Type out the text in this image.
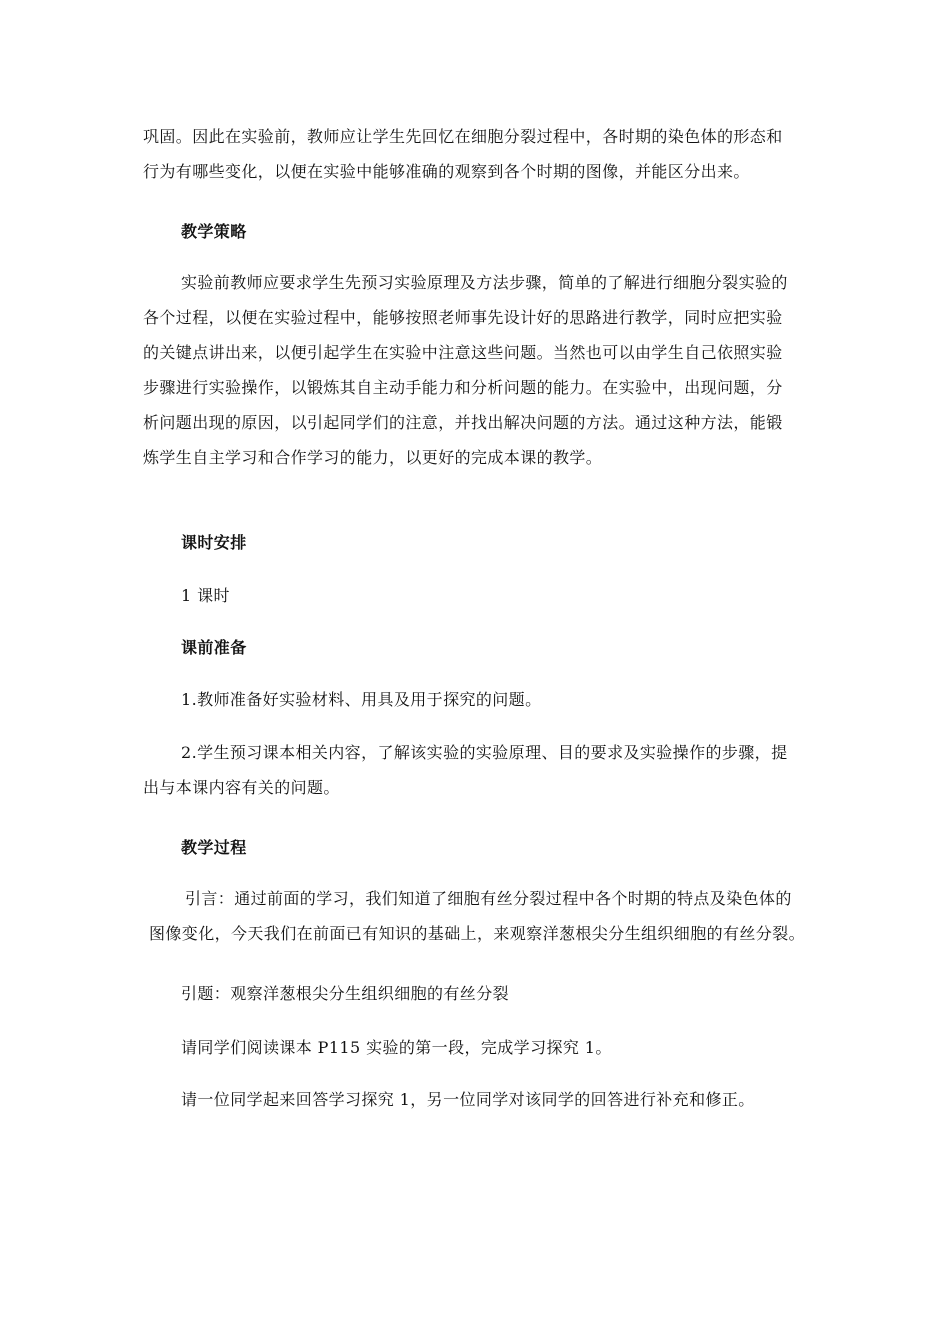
巩固。因此在实验前，教师应让学生先回忆在细胞分裂过程中，各时期的染色体的形态和
行为有哪些变化，以便在实验中能够准确的观察到各个时期的图像，并能区分出来。
教学策略
实验前教师应要求学生先预习实验原理及方法步骤，简单的了解进行细胞分裂实验的
各个过程，以便在实验过程中，能够按照老师事先设计好的思路进行教学，同时应把实验
的关键点讲出来，以便引起学生在实验中注意这些问题。当然也可以由学生自己依照实验
步骤进行实验操作，以锻炼其自主动手能力和分析问题的能力。在实验中，出现问题，分
析问题出现的原因，以引起同学们的注意，并找出解决问题的方法。通过这种方法，能锻
炼学生自主学习和合作学习的能力，以更好的完成本课的教学。
课时安排
1 课时
课前准备
1.教师准备好实验材料、用具及用于探究的问题。
2.学生预习课本相关内容，了解该实验的实验原理、目的要求及实验操作的步骤，提
出与本课内容有关的问题。
教学过程
引言：通过前面的学习，我们知道了细胞有丝分裂过程中各个时期的特点及染色体的
图像变化，今天我们在前面已有知识的基础上，来观察洋葱根尖分生组织细胞的有丝分裂。
引题：观察洋葱根尖分生组织细胞的有丝分裂
请同学们阅读课本 P115 实验的第一段，完成学习探究 1。
请一位同学起来回答学习探究 1，另一位同学对该同学的回答进行补充和修正。
